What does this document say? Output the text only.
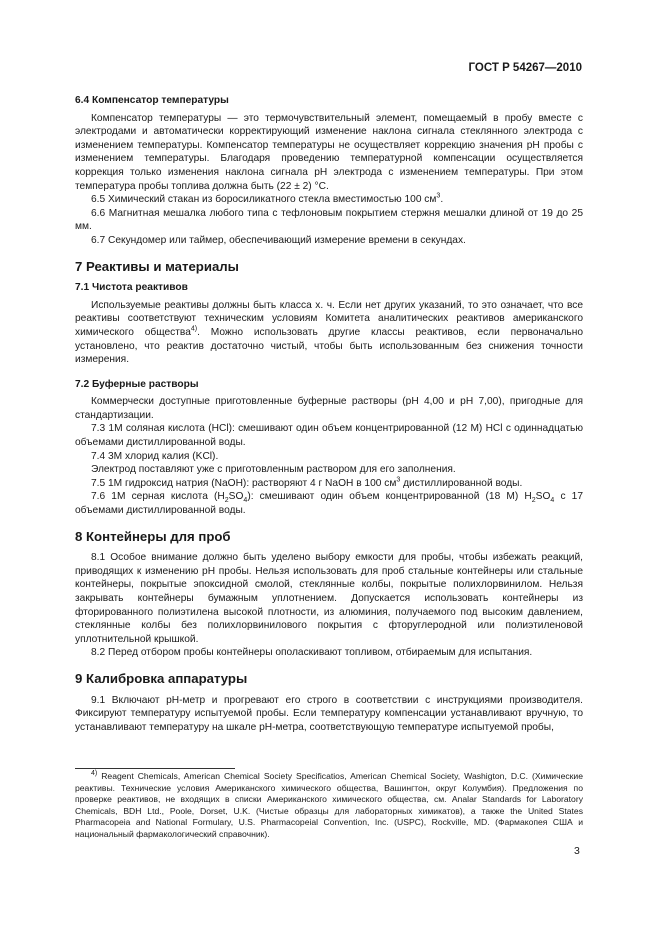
ГОСТ Р 54267—2010
6.4 Компенсатор температуры

Компенсатор температуры — это термочувствительный элемент, помещаемый в пробу вместе с электродами и автоматически корректирующий изменение наклона сигнала стеклянного электрода с изменением температуры. Компенсатор температуры не осуществляет коррекцию значения pH пробы с изменением температуры. Благодаря проведению температурной компенсации осуществляется коррекция только изменения наклона сигнала pH электрода с изменением температуры. При этом температура пробы топлива должна быть (22 ± 2) °С.

6.5 Химический стакан из боросиликатного стекла вместимостью 100 $см^3$.

6.6 Магнитная мешалка любого типа с тефлоновым покрытием стержня мешалки длиной от 19 до 25 мм.

6.7 Секундомер или таймер, обеспечивающий измерение времени в секундах.

7 Реактивы и материалы
7.1 Чистота реактивов

Используемые реактивы должны быть класса х. ч. Если нет других указаний, то это означает, что все реактивы соответствуют техническим условиям Комитета аналитических реактивов американского химического общества$^{4)}$. Можно использовать другие классы реактивов, если первоначально установлено, что реактив достаточно чистый, чтобы быть использованным без снижения точности измерения.

7.2 Буферные растворы

Коммерчески доступные приготовленные буферные растворы (pH 4,00 и pH 7,00), пригодные для стандартизации.

7.3 1М соляная кислота (HCl): смешивают один объем концентрированной (12 М) HCl с одиннадцатью объемами дистиллированной воды.

7.4 3М хлорид калия (KCl).

Электрод поставляют уже с приготовленным раствором для его заполнения.

7.5 1М гидроксид натрия (NaOH): растворяют 4 г NaOH в 100 $см^3$ дистиллированной воды.

7.6 1М серная кислота $(H_2SO_4)$: смешивают один объем концентрированной (18 М) $H_2SO_4$ с 17 объемами дистиллированной воды.

8 Контейнеры для проб

8.1 Особое внимание должно быть уделено выбору емкости для пробы, чтобы избежать реакций, приводящих к изменению pH пробы. Нельзя использовать для проб стальные контейнеры или стальные контейнеры, покрытые эпоксидной смолой, стеклянные колбы, покрытые полихлорвинилом. Нельзя закрывать контейнеры бумажным уплотнением. Допускается использовать контейнеры из фторированного полиэтилена высокой плотности, из алюминия, получаемого под высоким давлением, стеклянные колбы без полихлорвинилового покрытия с фторуглеродной или полиэтиленовой уплотнительной крышкой.

8.2 Перед отбором пробы контейнеры ополаскивают топливом, отбираемым для испытания.

9 Калибровка аппаратуры

9.1 Включают pH-метр и прогревают его строго в соответствии с инструкциями производителя. Фиксируют температуру испытуемой пробы. Если температуру компенсации устанавливают вручную, то устанавливают температуру на шкале pH-метра, соответствующую температуре испытуемой пробы,

$^{4)}$ Reagent Chemicals, American Chemical Society Specificatios, American Chemical Society, Washigton, D.C. (Химические реактивы. Технические условия Американского химического общества, Вашингтон, округ Колумбия). Предложения по проверке реактивов, не входящих в списки Американского химического общества, см. Analar Standards for Laboratory Chemicals, BDH Ltd., Poole, Dorset, U.K. (Чистые образцы для лабораторных химикатов), а также the United States Pharmacopeia and National Formulary, U.S. Pharmacopeial Convention, Inc. (USPC), Rockville, MD. (Фармакопея США и национальный фармакологический справочник).
3
